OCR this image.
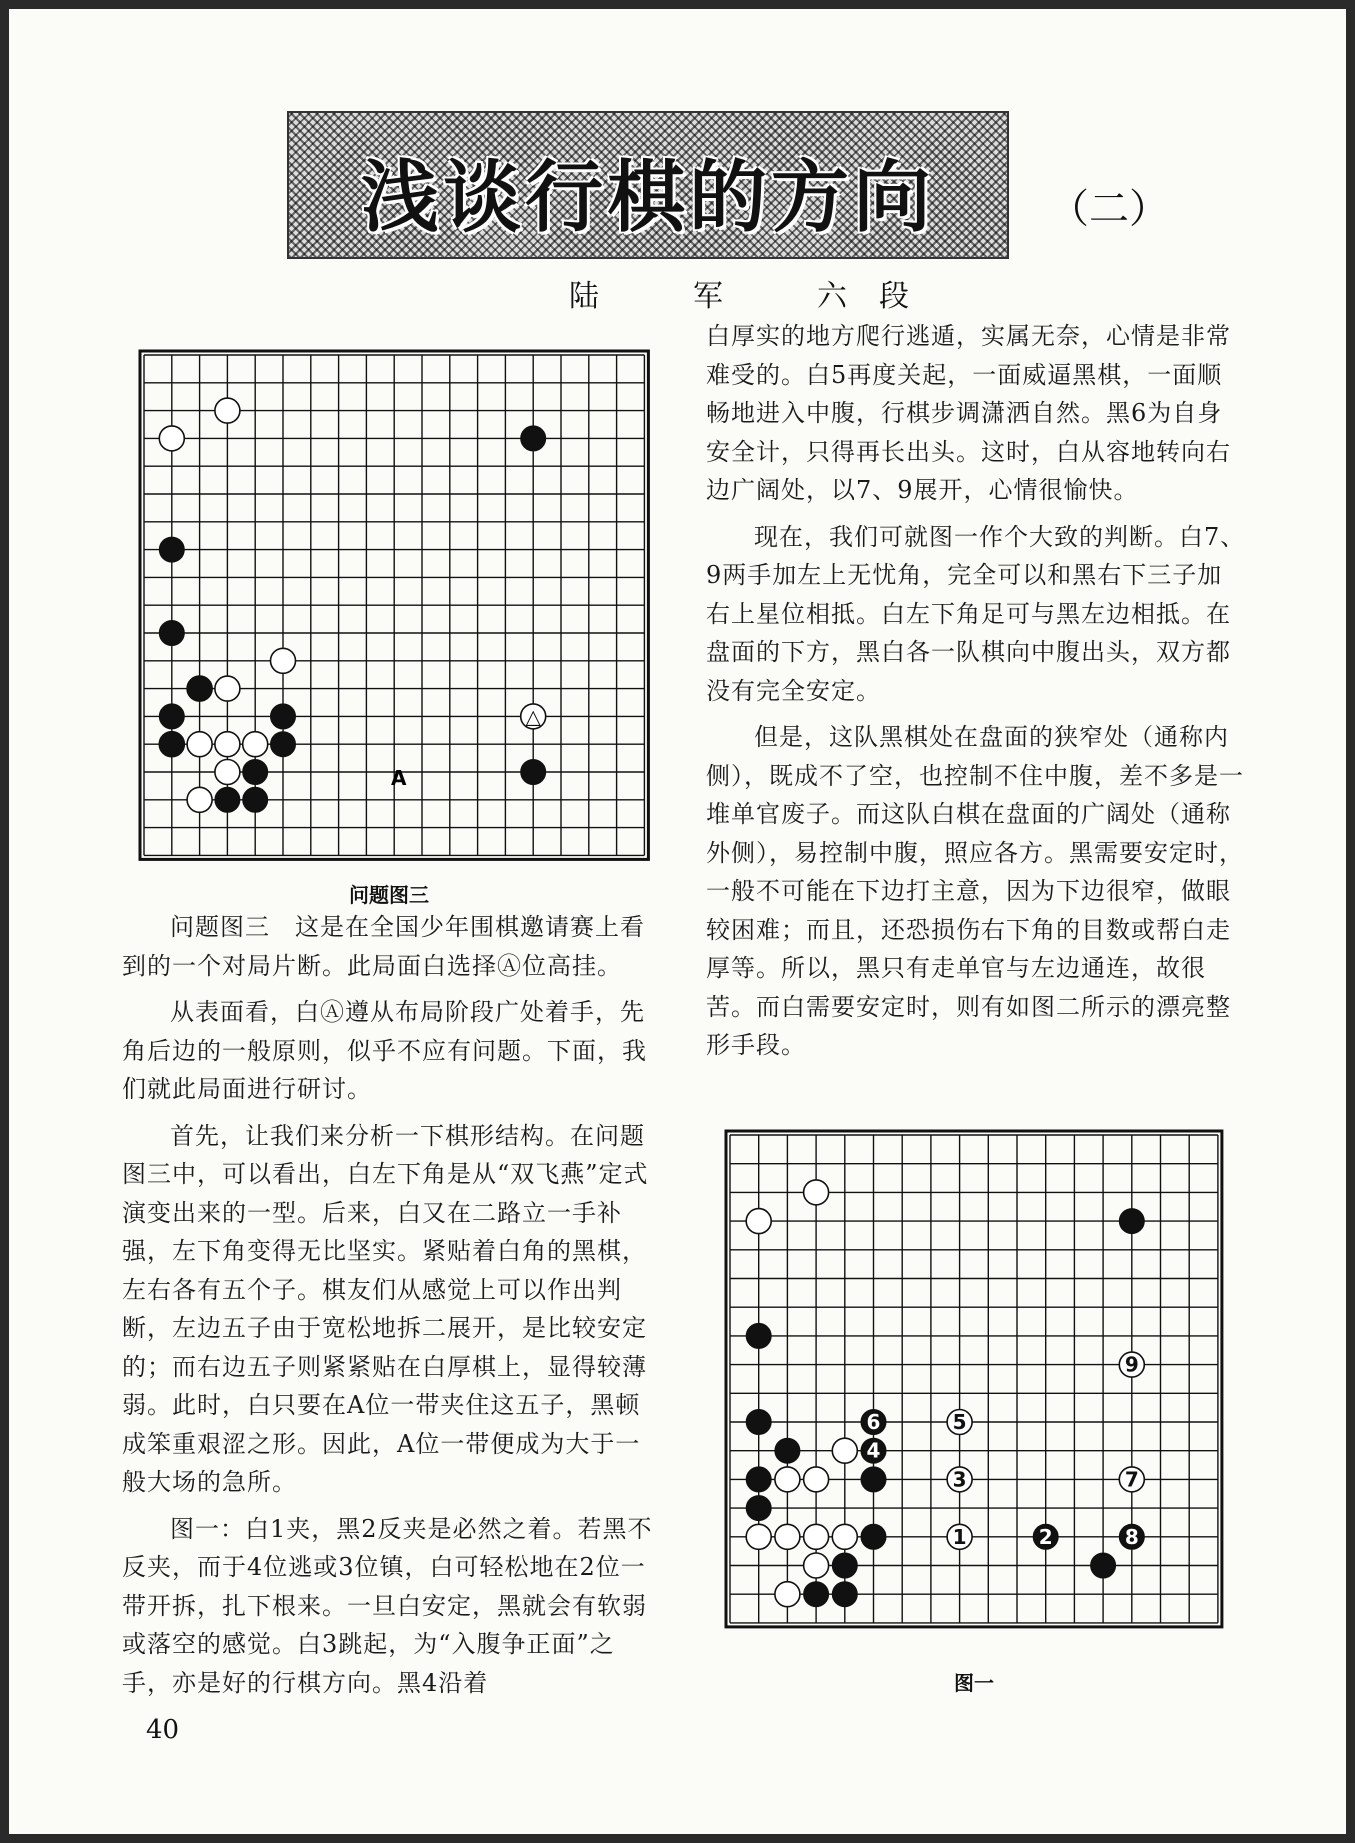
浅谈行棋的方向	（二）
陆　军　六段
△
A
问题图三
1	2
3
4
5
6
7
8
9
图一

问题图三　这是在全国少年围棋邀请赛上看到的一个对局片断。此局面白选择Ⓐ位高挂。

从表面看，白Ⓐ遵从布局阶段广处着手，先角后边的一般原则，似乎不应有问题。下面，我们就此局面进行研讨。

首先，让我们来分析一下棋形结构。在问题图三中，可以看出，白左下角是从“双飞燕”定式演变出来的一型。后来，白又在二路立一手补强，左下角变得无比坚实。紧贴着白角的黑棋，左右各有五个子。棋友们从感觉上可以作出判断，左边五子由于宽松地拆二展开，是比较安定的；而右边五子则紧紧贴在白厚棋上，显得较薄弱。此时，白只要在A位一带夹住这五子，黑顿成笨重艰涩之形。因此，A位一带便成为大于一般大场的急所。

图一：白1夹，黑2反夹是必然之着。若黑不反夹，而于4位逃或3位镇，白可轻松地在2位一带开拆，扎下根来。一旦白安定，黑就会有软弱或落空的感觉。白3跳起，为“入腹争正面”之手，亦是好的行棋方向。黑4沿着

白厚实的地方爬行逃遁，实属无奈，心情是非常难受的。白5再度关起，一面威逼黑棋，一面顺畅地进入中腹，行棋步调潇洒自然。黑6为自身安全计，只得再长出头。这时，白从容地转向右边广阔处，以7、9展开，心情很愉快。

现在，我们可就图一作个大致的判断。白7、9两手加左上无忧角，完全可以和黑右下三子加右上星位相抵。白左下角足可与黑左边相抵。在盘面的下方，黑白各一队棋向中腹出头，双方都没有完全安定。

但是，这队黑棋处在盘面的狭窄处（通称内侧），既成不了空，也控制不住中腹，差不多是一堆单官废子。而这队白棋在盘面的广阔处（通称外侧），易控制中腹，照应各方。黑需要安定时，一般不可能在下边打主意，因为下边很窄，做眼较困难；而且，还恐损伤右下角的目数或帮白走厚等。所以，黑只有走单官与左边通连，故很苦。而白需要安定时，则有如图二所示的漂亮整形手段。

40
